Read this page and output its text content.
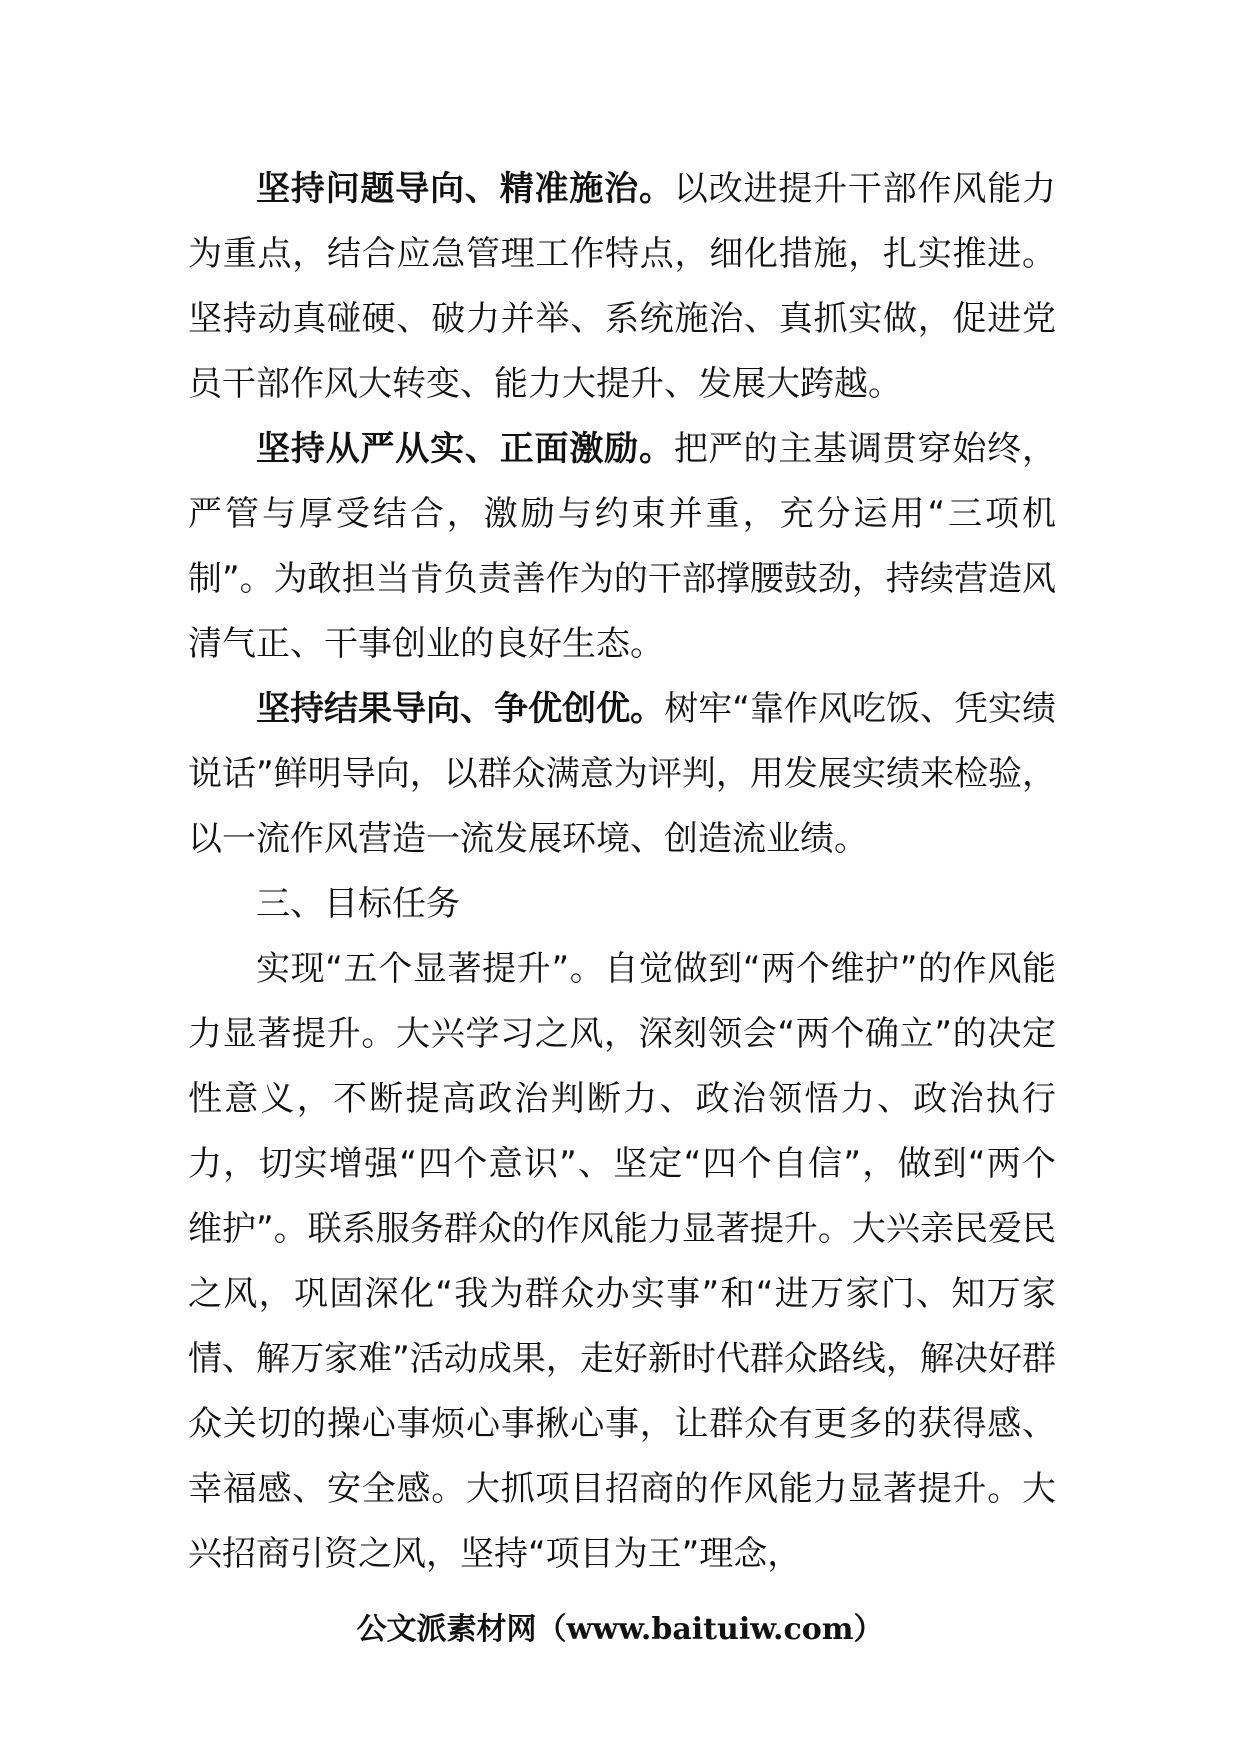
坚持问题导向、精准施治。以改进提升干部作风能力为重点，结合应急管理工作特点，细化措施，扎实推进。坚持动真碰硬、破力并举、系统施治、真抓实做，促进党员干部作风大转变、能力大提升、发展大跨越。

坚持从严从实、正面激励。把严的主基调贯穿始终，严管与厚受结合，激励与约束并重，充分运用“三项机制”。为敢担当肯负责善作为的干部撑腰鼓劲，持续营造风清气正、干事创业的良好生态。

坚持结果导向、争优创优。树牢“靠作风吃饭、凭实绩说话”鲜明导向，以群众满意为评判，用发展实绩来检验，以一流作风营造一流发展环境、创造流业绩。

三、目标任务

实现“五个显著提升”。自觉做到“两个维护”的作风能力显著提升。大兴学习之风，深刻领会“两个确立”的决定性意义，不断提高政治判断力、政治领悟力、政治执行力，切实增强“四个意识”、坚定“四个自信”，做到“两个维护”。联系服务群众的作风能力显著提升。大兴亲民爱民之风，巩固深化“我为群众办实事”和“进万家门、知万家情、解万家难”活动成果，走好新时代群众路线，解决好群众关切的操心事烦心事揪心事，让群众有更多的获得感、幸福感、安全感。大抓项目招商的作风能力显著提升。大兴招商引资之风，坚持“项目为王”理念，

公文派素材网（www.baituiw.com）
